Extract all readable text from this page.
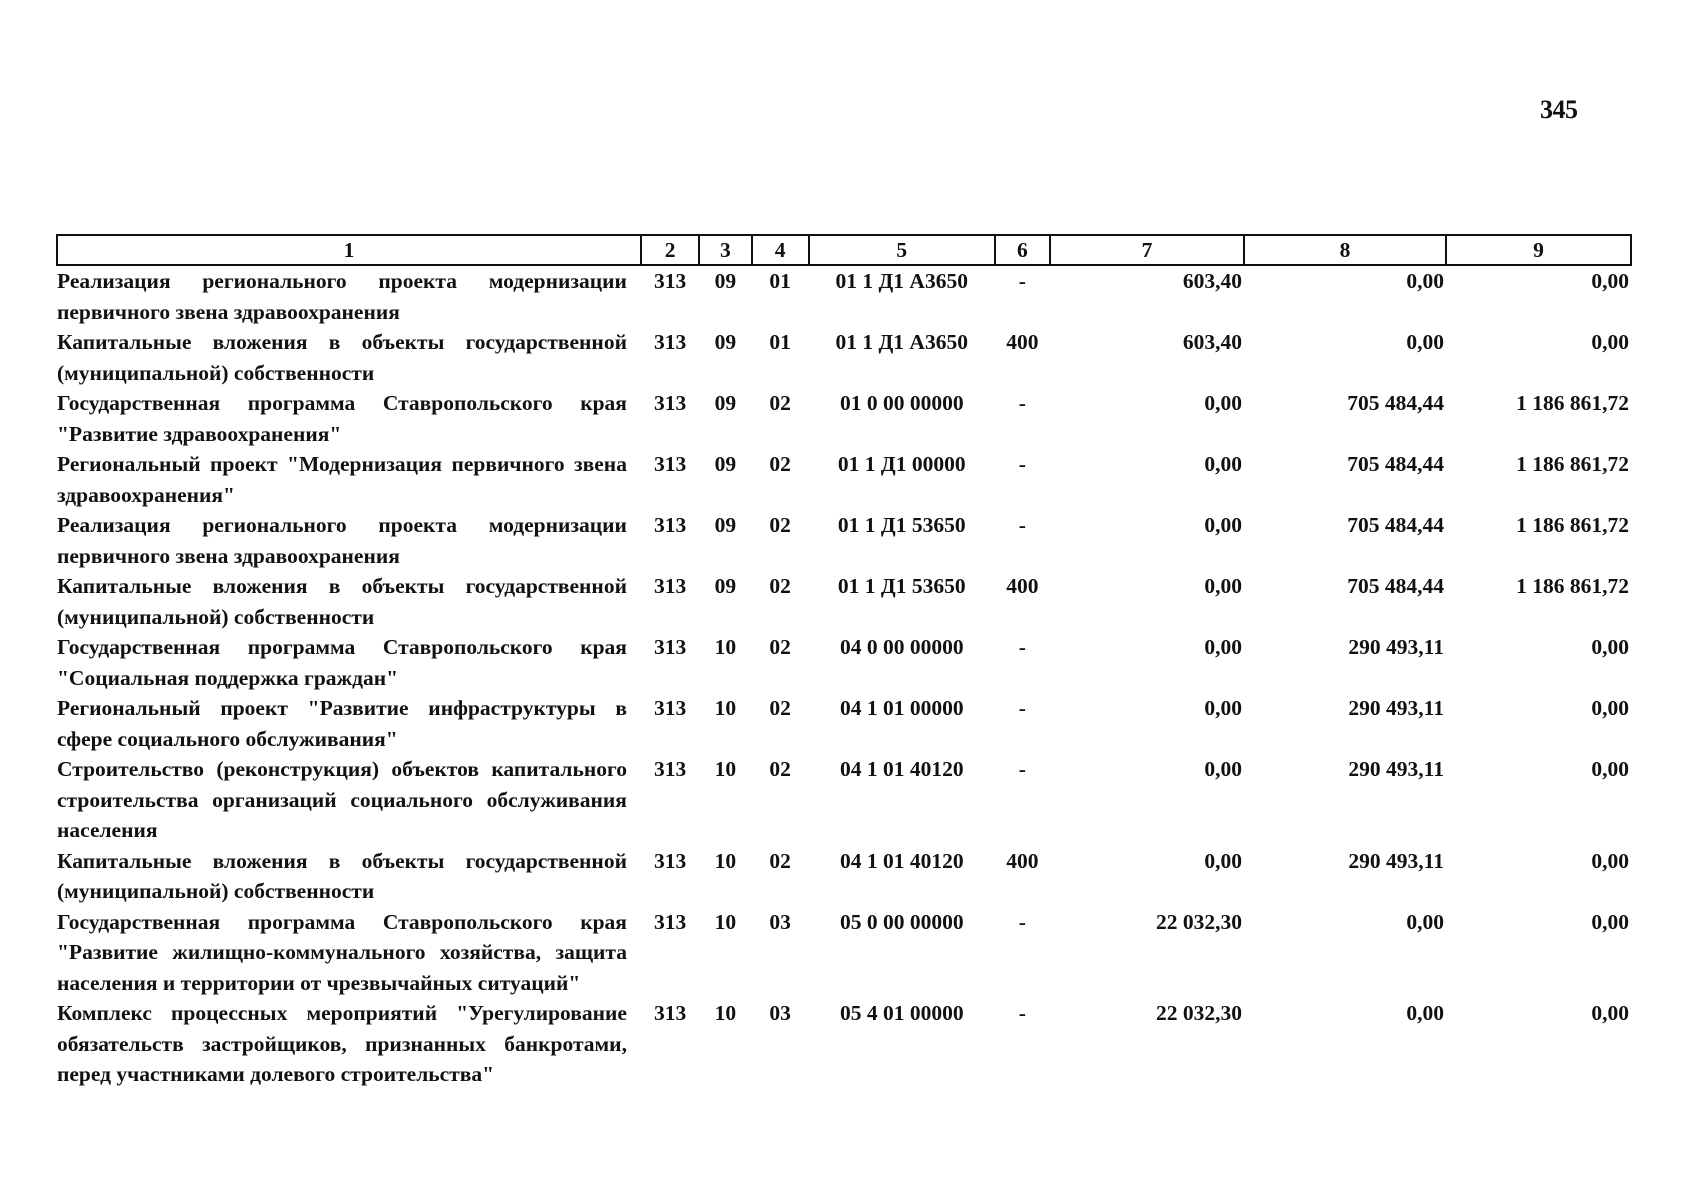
345
1	2	3	4	5	6	7	8	9
Реализация регионального проекта модернизации первичного звена здравоохранения	313	09	01	01 1 Д1 А3650	-	603,40	0,00	0,00
Капитальные вложения в объекты государственной (муниципальной) собственности	313	09	01	01 1 Д1 А3650	400	603,40	0,00	0,00
Государственная программа Ставропольского края "Развитие здравоохранения"	313	09	02	01 0 00 00000	-	0,00	705 484,44	1 186 861,72
Региональный проект "Модернизация первичного звена здравоохранения"	313	09	02	01 1 Д1 00000	-	0,00	705 484,44	1 186 861,72
Реализация регионального проекта модернизации первичного звена здравоохранения	313	09	02	01 1 Д1 53650	-	0,00	705 484,44	1 186 861,72
Капитальные вложения в объекты государственной (муниципальной) собственности	313	09	02	01 1 Д1 53650	400	0,00	705 484,44	1 186 861,72
Государственная программа Ставропольского края "Социальная поддержка граждан"	313	10	02	04 0 00 00000	-	0,00	290 493,11	0,00
Региональный проект "Развитие инфраструктуры в сфере социального обслуживания"	313	10	02	04 1 01 00000	-	0,00	290 493,11	0,00
Строительство (реконструкция) объектов капитального строительства организаций социального обслуживания населения	313	10	02	04 1 01 40120	-	0,00	290 493,11	0,00
Капитальные вложения в объекты государственной (муниципальной) собственности	313	10	02	04 1 01 40120	400	0,00	290 493,11	0,00
Государственная программа Ставропольского края "Развитие жилищно-коммунального хозяйства, защита населения и территории от чрезвычайных ситуаций"	313	10	03	05 0 00 00000	-	22 032,30	0,00	0,00
Комплекс процессных мероприятий "Урегулирование обязательств застройщиков, признанных банкротами, перед участниками долевого строительства"	313	10	03	05 4 01 00000	-	22 032,30	0,00	0,00
